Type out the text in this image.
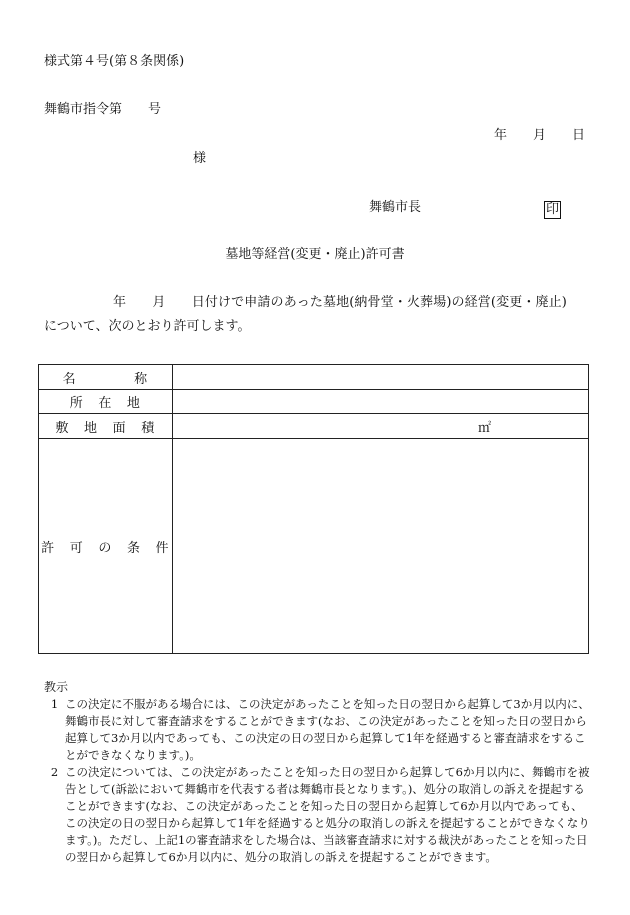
様式第４号(第８条関係)
舞鶴市指令第　　号
年　　月　　日
様
舞鶴市長	印
墓地等経営(変更・廃止)許可書
年　　月　　日付けで申請のあった墓地(納骨堂・火葬場)の経営(変更・廃止)
について、次のとおり許可します。
名　　　　称	
所　在　地	
敷　地　面　積	㎡
許　可　の　条　件	
教示
1 この決定に不服がある場合には、この決定があったことを知った日の翌日から起算して3か月以内に、舞鶴市長に対して審査請求をすることができます(なお、この決定があったことを知った日の翌日から起算して3か月以内であっても、この決定の日の翌日から起算して1年を経過すると審査請求をすることができなくなります。)。
2 この決定については、この決定があったことを知った日の翌日から起算して6か月以内に、舞鶴市を被告として(訴訟において舞鶴市を代表する者は舞鶴市長となります。)、処分の取消しの訴えを提起することができます(なお、この決定があったことを知った日の翌日から起算して6か月以内であっても、この決定の日の翌日から起算して1年を経過すると処分の取消しの訴えを提起することができなくなります。)。ただし、上記1の審査請求をした場合は、当該審査請求に対する裁決があったことを知った日の翌日から起算して6か月以内に、処分の取消しの訴えを提起することができます。
